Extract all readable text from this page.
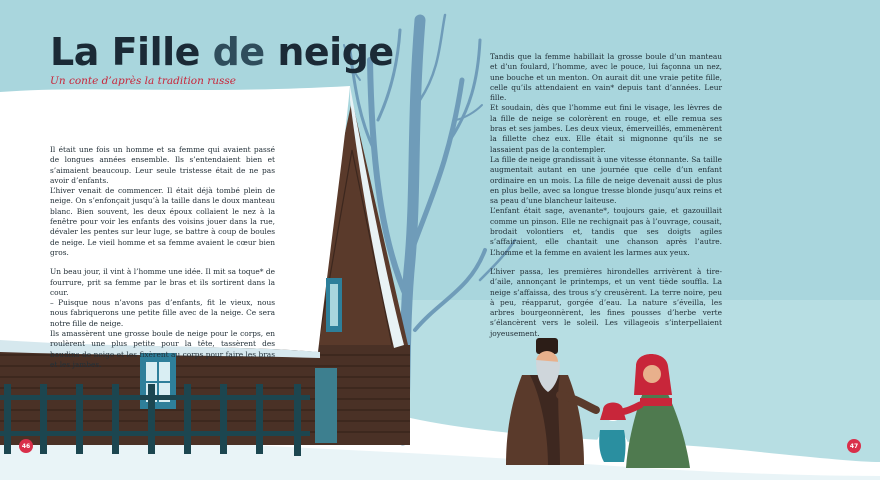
La Fille de neige
Un conte d’après la tradition russe

Il était une fois un homme et sa femme qui avaient passé de longues années ensemble. Ils s’entendaient bien et s’aimaient beaucoup. Leur seule tristesse était de ne pas avoir d’enfants.

L’hiver venait de commencer. Il était déjà tombé plein de neige. On s’enfonçait jusqu’à la taille dans le doux manteau blanc. Bien souvent, les deux époux collaient le nez à la fenêtre pour voir les enfants des voisins jouer dans la rue, dévaler les pentes sur leur luge, se battre à coup de boules de neige. Le vieil homme et sa femme avaient le cœur bien gros.

Un beau jour, il vint à l’homme une idée. Il mit sa toque* de fourrure, prit sa femme par le bras et ils sortirent dans la cour.

– Puisque nous n’avons pas d’enfants, fit le vieux, nous nous fabriquerons une petite fille avec de la neige. Ce sera notre fille de neige.

Ils amassèrent une grosse boule de neige pour le corps, en roulèrent une plus petite pour la tête, tassèrent des boudins de neige et les fixèrent au corps pour faire les bras et les jambes.

Tandis que la femme habillait la grosse boule d’un manteau et d’un foulard, l’homme, avec le pouce, lui façonna un nez, une bouche et un menton. On aurait dit une vraie petite fille, celle qu’ils attendaient en vain* depuis tant d’années. Leur fille.

Et soudain, dès que l’homme eut fini le visage, les lèvres de la fille de neige se colorèrent en rouge, et elle remua ses bras et ses jambes. Les deux vieux, émerveillés, emmenèrent la fillette chez eux. Elle était si mignonne qu’ils ne se lassaient pas de la contempler.

La fille de neige grandissait à une vitesse étonnante. Sa taille augmentait autant en une journée que celle d’un enfant ordinaire en un mois. La fille de neige devenait aussi de plus en plus belle, avec sa longue tresse blonde jusqu’aux reins et sa peau d’une blancheur laiteuse.

L’enfant était sage, avenante*, toujours gaie, et gazouillait comme un pinson. Elle ne rechignait pas à l’ouvrage, cousait, brodait volontiers et, tandis que ses doigts agiles s’affairaient, elle chantait une chanson après l’autre. L’homme et la femme en avaient les larmes aux yeux.

L’hiver passa, les premières hirondelles arrivèrent à tire-d’aile, annonçant le printemps, et un vent tiède souffla. La neige s’affaissa, des trous s’y creusèrent. La terre noire, peu à peu, réapparut, gorgée d’eau. La nature s’éveilla, les arbres bourgeonnèrent, les fines pousses d’herbe verte s’élancèrent vers le soleil. Les villageois s’interpellaient joyeusement.

46	47
